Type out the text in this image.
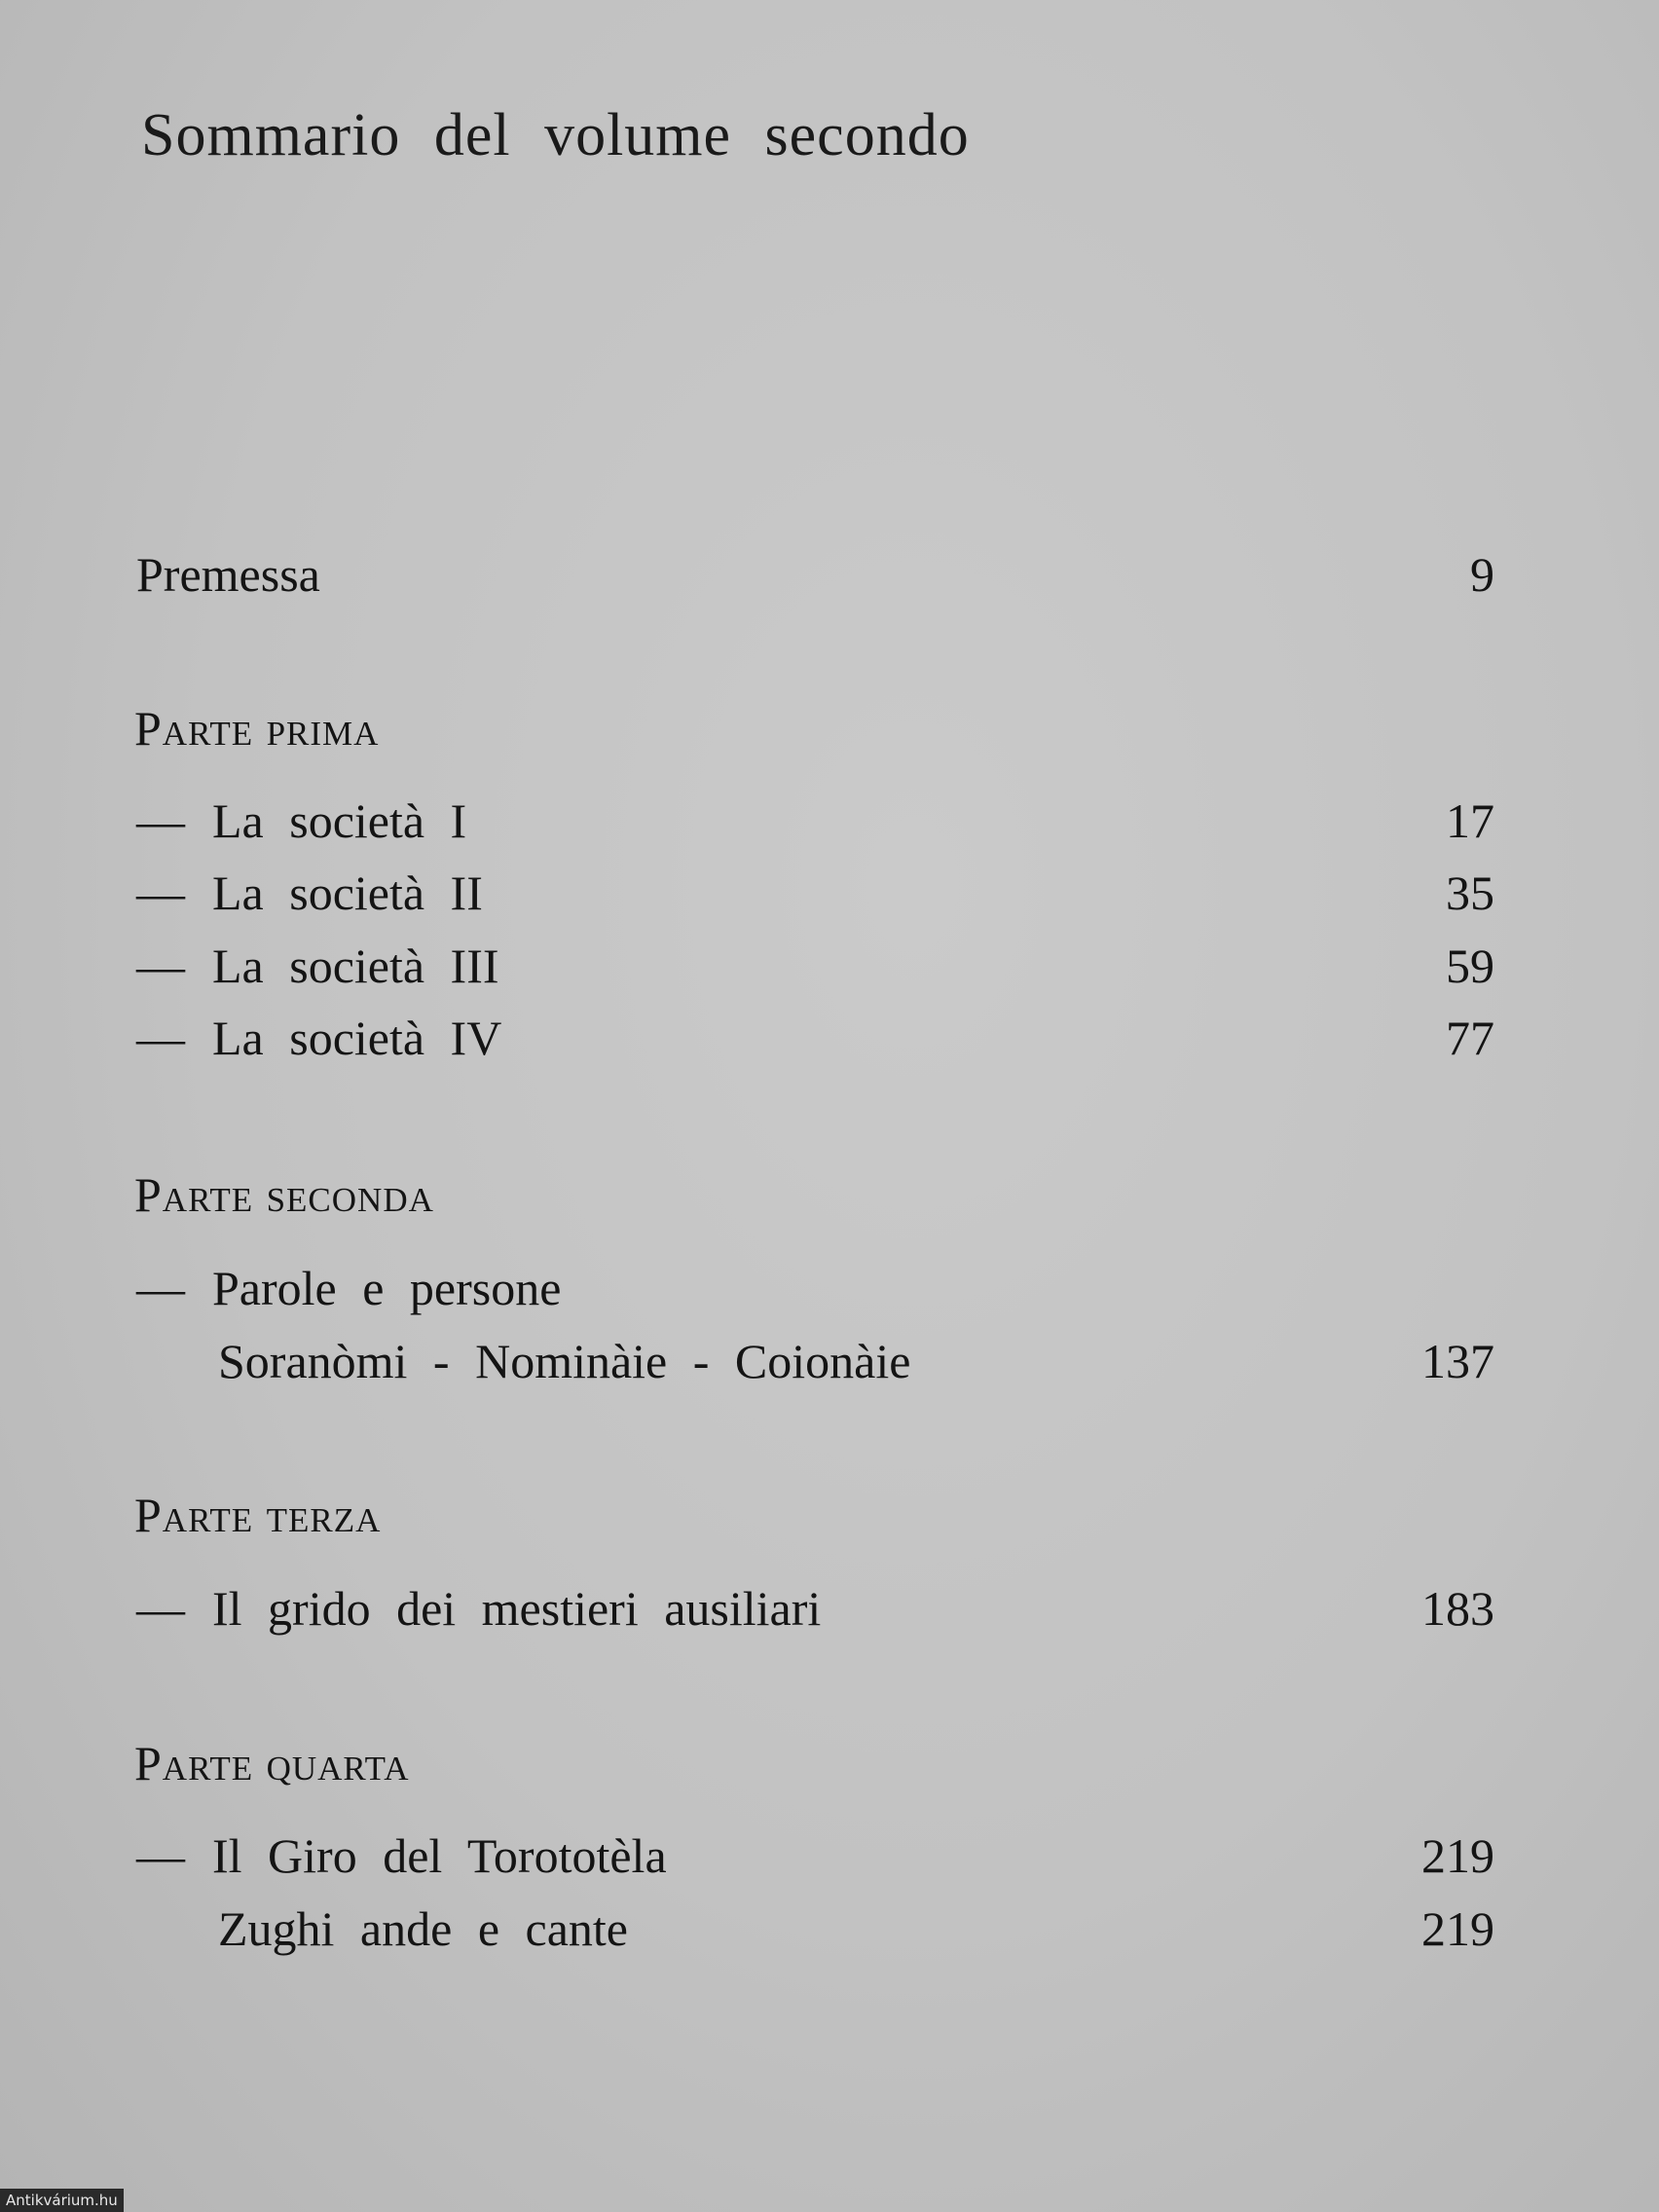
Sommario del volume secondo
Premessa	9
Parte prima
— La società I	17
— La società II	35
— La società III	59
— La società IV	77
Parte seconda
— Parole e persone
Soranòmi - Nominàie - Coionàie	137
Parte terza
— Il grido dei mestieri ausiliari	183
Parte quarta
— Il Giro del Torototèla	219
Zughi ande e cante	219
Antikvárium.hu
